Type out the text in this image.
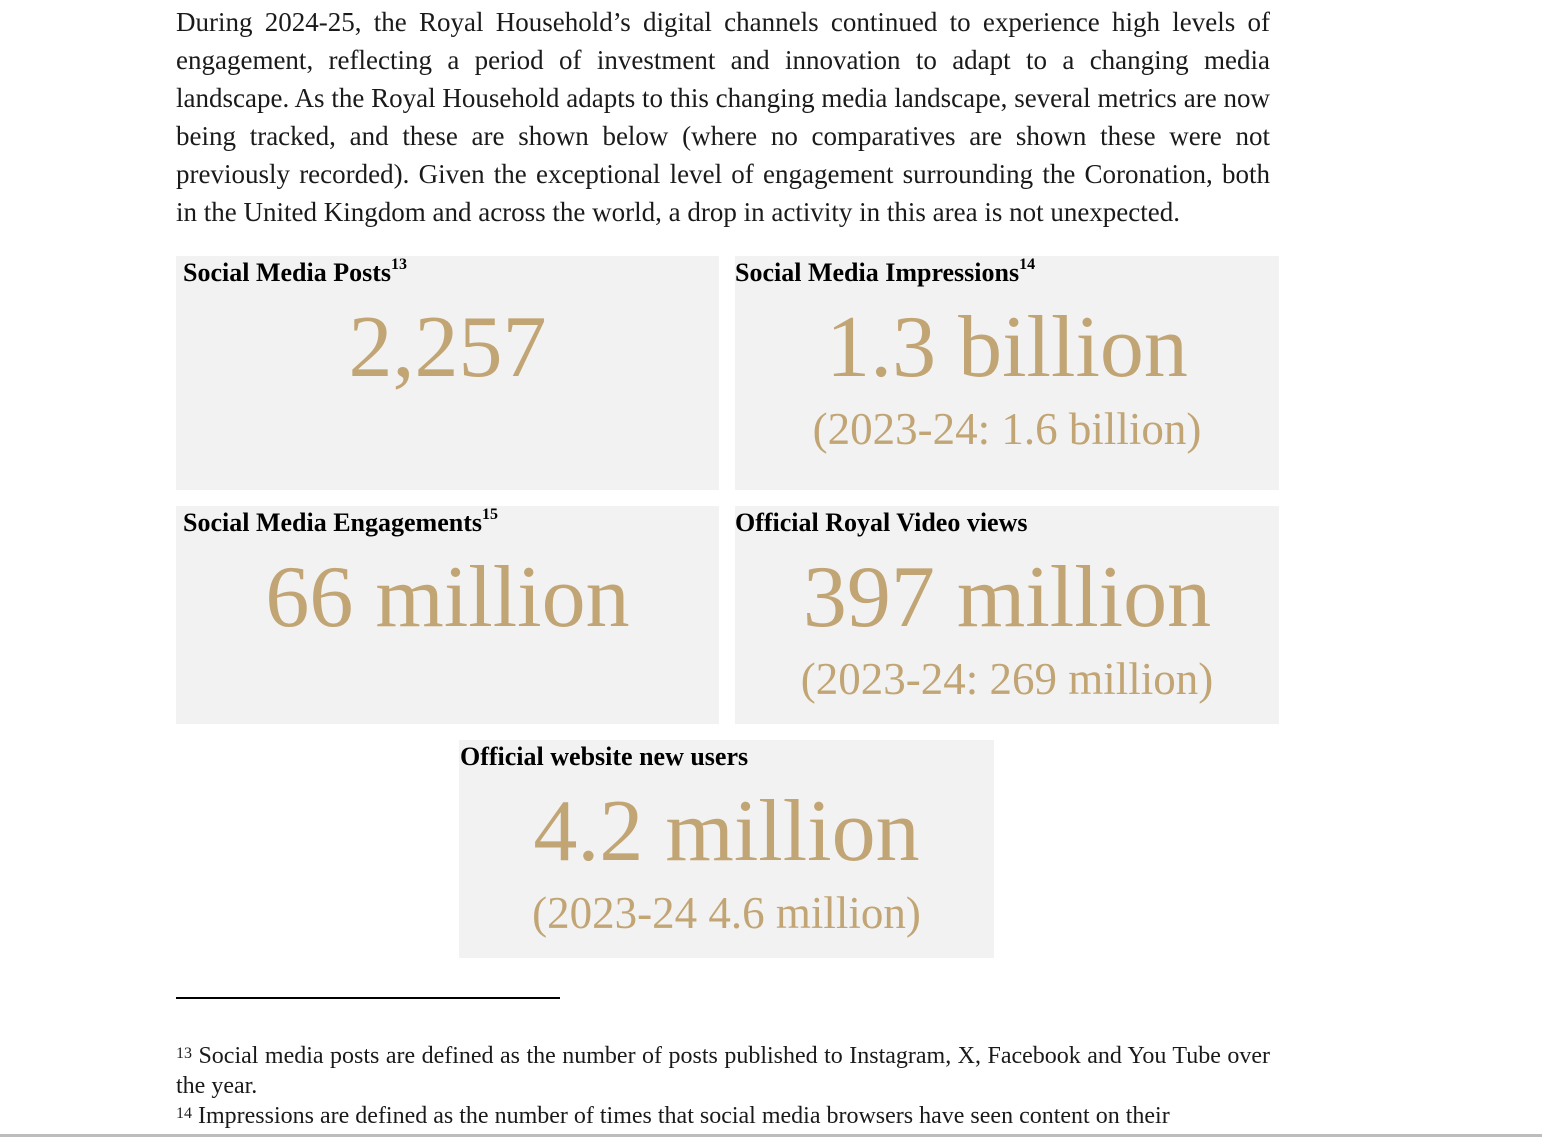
During 2024-25, the Royal Household’s digital channels continued to experience high levels of engagement, reflecting a period of investment and innovation to adapt to a changing media landscape. As the Royal Household adapts to this changing media landscape, several metrics are now being tracked, and these are shown below (where no comparatives are shown these were not previously recorded). Given the exceptional level of engagement surrounding the Coronation, both in the United Kingdom and across the world, a drop in activity in this area is not unexpected.

Social Media Posts$^{13}$
2,257
Social Media Impressions$^{14}$
1.3 billion
(2023-24: 1.6 billion)
Social Media Engagements$^{15}$
66 million
Official Royal Video views
397 million
(2023-24: 269 million)
Official website new users
4.2 million
(2023-24 4.6 million)

$^{13}$ Social media posts are defined as the number of posts published to Instagram, X, Facebook and You Tube over the year.

$^{14}$ Impressions are defined as the number of times that social media browsers have seen content on their
